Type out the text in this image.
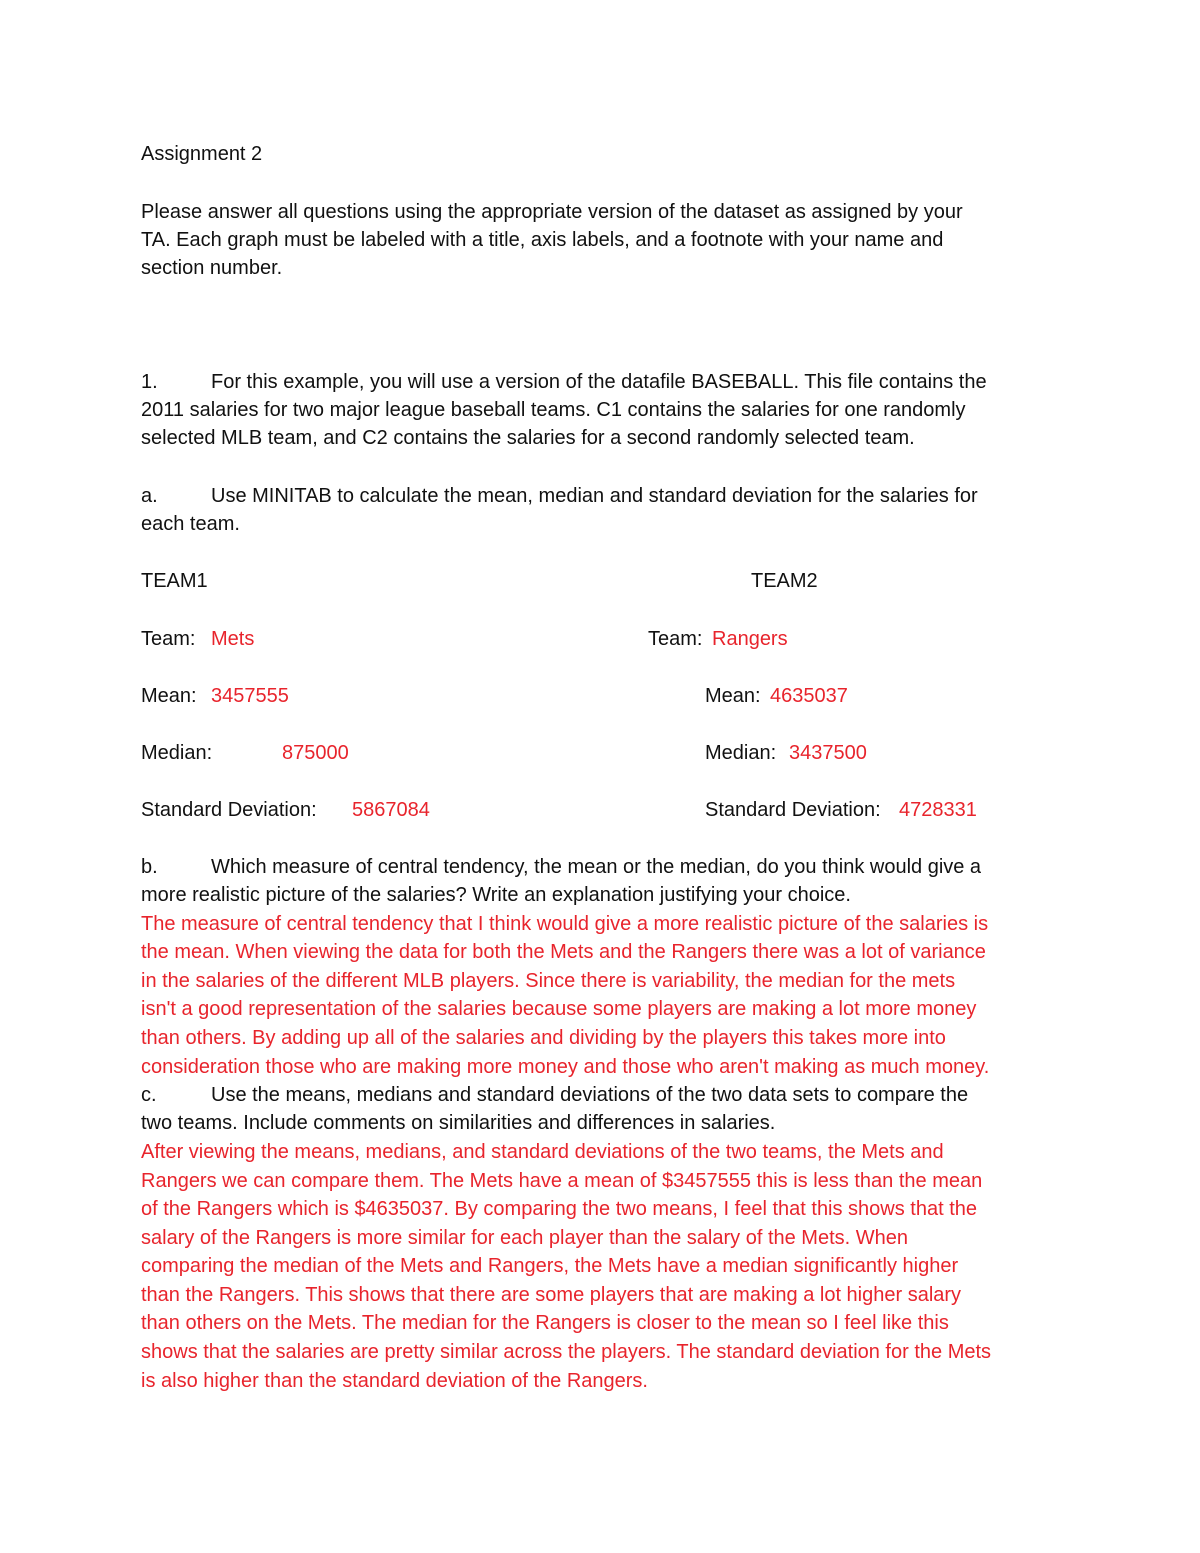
Assignment 2
Please answer all questions using the appropriate version of the dataset as assigned by your
TA. Each graph must be labeled with a title, axis labels, and a footnote with your name and
section number.
1.	For this example, you will use a version of the datafile BASEBALL. This file contains the
2011 salaries for two major league baseball teams. C1 contains the salaries for one randomly
selected MLB team, and C2 contains the salaries for a second randomly selected team.
a.	Use MINITAB to calculate the mean, median and standard deviation for the salaries for
each team.
TEAM1
Team: Mets
Mean: 3457555
Median:	875000
Standard Deviation: 5867084
TEAM2
Team: Rangers
Mean: 4635037
Median: 3437500
Standard Deviation: 4728331
b.	Which measure of central tendency, the mean or the median, do you think would give a
more realistic picture of the salaries? Write an explanation justifying your choice.
The measure of central tendency that I think would give a more realistic picture of the salaries is
the mean. When viewing the data for both the Mets and the Rangers there was a lot of variance
in the salaries of the different MLB players. Since there is variability, the median for the mets
isn't a good representation of the salaries because some players are making a lot more money
than others. By adding up all of the salaries and dividing by the players this takes more into
consideration those who are making more money and those who aren't making as much money.
c.	Use the means, medians and standard deviations of the two data sets to compare the
two teams. Include comments on similarities and differences in salaries.
After viewing the means, medians, and standard deviations of the two teams, the Mets and
Rangers we can compare them. The Mets have a mean of $3457555 this is less than the mean
of the Rangers which is $4635037. By comparing the two means, I feel that this shows that the
salary of the Rangers is more similar for each player than the salary of the Mets. When
comparing the median of the Mets and Rangers, the Mets have a median significantly higher
than the Rangers. This shows that there are some players that are making a lot higher salary
than others on the Mets. The median for the Rangers is closer to the mean so I feel like this
shows that the salaries are pretty similar across the players. The standard deviation for the Mets
is also higher than the standard deviation of the Rangers.
